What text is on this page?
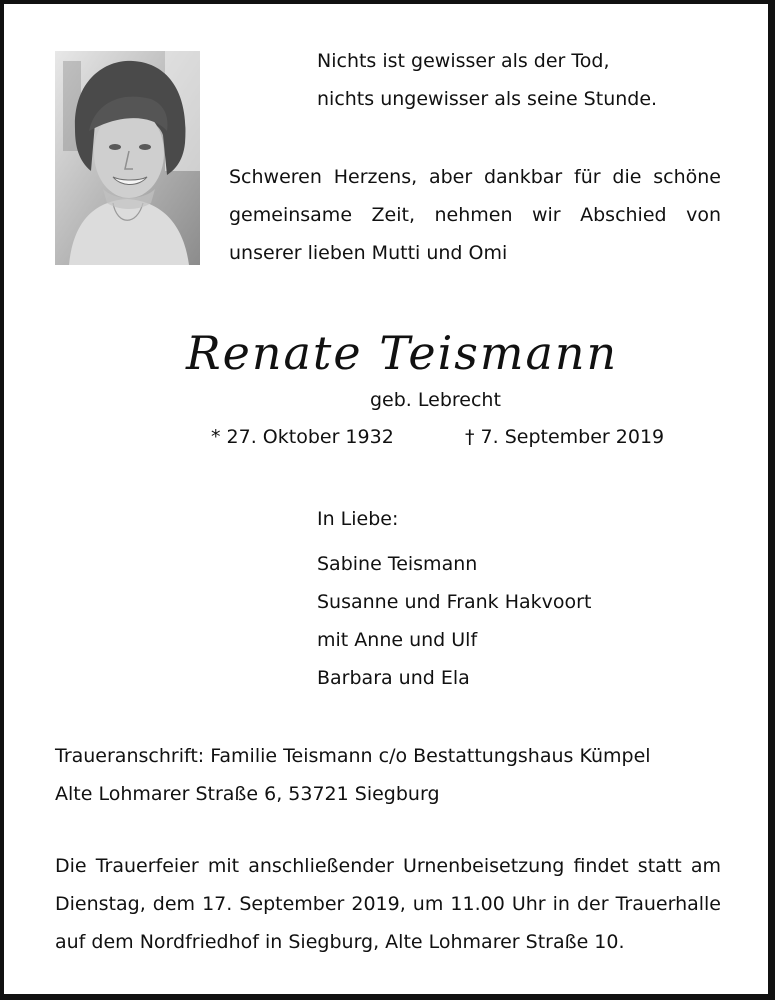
Nichts ist gewisser als der Tod,
nichts ungewisser als seine Stunde.
Schweren Herzens, aber dankbar für die schöne
gemeinsame Zeit, nehmen wir Abschied von
unserer lieben Mutti und Omi
Renate Teismann
geb. Lebrecht
* 27. Oktober 1932	† 7. September 2019
In Liebe:
Sabine Teismann
Susanne und Frank Hakvoort
mit Anne und Ulf
Barbara und Ela
Traueranschrift: Familie Teismann c/o Bestattungshaus Kümpel
Alte Lohmarer Straße 6, 53721 Siegburg
Die Trauerfeier mit anschließender Urnenbeisetzung findet statt am
Dienstag, dem 17. September 2019, um 11.00 Uhr in der Trauerhalle
auf dem Nordfriedhof in Siegburg, Alte Lohmarer Straße 10.
